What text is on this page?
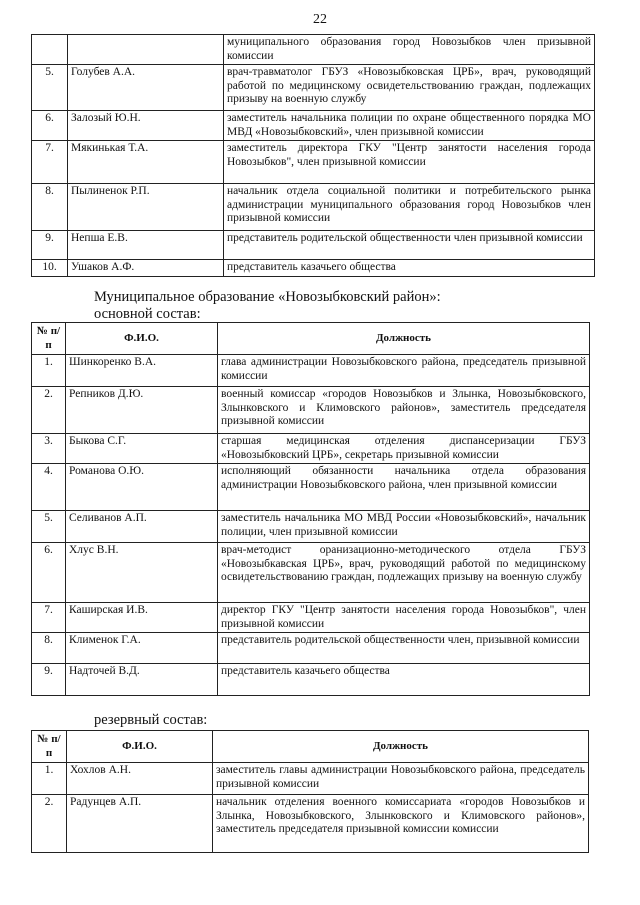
22
		муниципального образования город Новозыбков член призывной комиссии
5.	Голубев А.А.	врач-травматолог ГБУЗ «Новозыбковская ЦРБ», врач, руководящий работой по медицинскому освидетельствованию граждан, подлежащих призыву на военную службу
6.	Залозый Ю.Н.	заместитель начальника полиции по охране общественного порядка МО МВД «Новозыбковский», член призывной комиссии
7.	Мякинькая Т.А.	заместитель директора ГКУ "Центр занятости населения города Новозыбков", член призывной комиссии
8.	Пылиненок Р.П.	начальник отдела социальной политики и потребительского рынка администрации муниципального образования город Новозыбков член призывной комиссии
9.	Непша Е.В.	представитель родительской общественности член призывной комиссии
10.	Ушаков А.Ф.	представитель казачьего общества
Муниципальное образование «Новозыбковский район»:
основной состав:
№ п/п	Ф.И.О.	Должность
1.	Шинкоренко В.А.	глава администрации Новозыбковского района, председатель призывной комиссии
2.	Репников Д.Ю.	военный комиссар «городов Новозыбков и Злынка, Новозыбковского, Злынковского и Климовского районов», заместитель председателя призывной комиссии
3.	Быкова С.Г.	старшая медицинская отделения диспансеризации ГБУЗ «Новозыбковский ЦРБ», секретарь призывной комиссии
4.	Романова О.Ю.	исполняющий обязанности начальника отдела образования администрации Новозыбковского района, член призывной комиссии
5.	Селиванов А.П.	заместитель начальника МО МВД России «Новозыбковский», начальник полиции, член призывной комиссии
6.	Хлус В.Н.	врач-методист оранизационно-методического отдела ГБУЗ «Новозыбкавская ЦРБ», врач, руководящий работой по медицинскому освидетельствованию граждан, подлежащих призыву на военную службу
7.	Каширская И.В.	директор ГКУ "Центр занятости населения города Новозыбков", член призывной комиссии
8.	Клименок Г.А.	представитель родительской общественности член, призывной комиссии
9.	Надточей В.Д.	представитель казачьего общества
резервный состав:
№ п/п	Ф.И.О.	Должность
1.	Хохлов А.Н.	заместитель главы администрации Новозыбковского района, председатель призывной комиссии
2.	Радунцев А.П.	начальник отделения военного комиссариата «городов Новозыбков и Злынка, Новозыбковского, Злынковского и Климовского районов», заместитель председателя призывной комиссии комиссии
